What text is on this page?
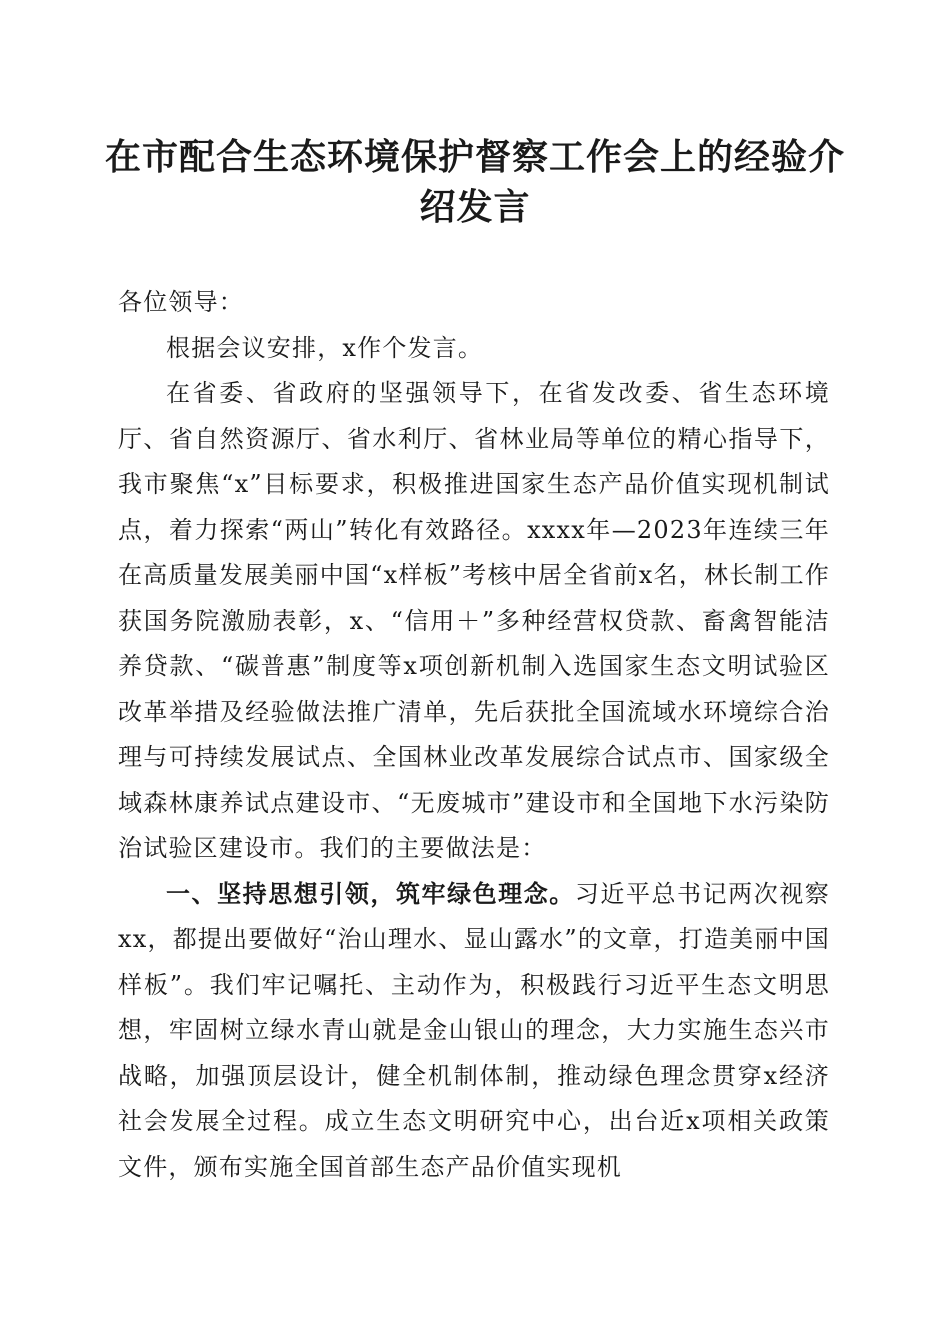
在市配合生态环境保护督察工作会上的经验介绍发言

各位领导：

根据会议安排，x作个发言。

在省委、省政府的坚强领导下，在省发改委、省生态环境厅、省自然资源厅、省水利厅、省林业局等单位的精心指导下，我市聚焦“x”目标要求，积极推进国家生态产品价值实现机制试点，着力探索“两山”转化有效路径。xxxx年—2023年连续三年在高质量发展美丽中国“x样板”考核中居全省前x名，林长制工作获国务院激励表彰，x、“信用＋”多种经营权贷款、畜禽智能洁养贷款、“碳普惠”制度等x项创新机制入选国家生态文明试验区改革举措及经验做法推广清单，先后获批全国流域水环境综合治理与可持续发展试点、全国林业改革发展综合试点市、国家级全域森林康养试点建设市、“无废城市”建设市和全国地下水污染防治试验区建设市。我们的主要做法是：

一、坚持思想引领，筑牢绿色理念。习近平总书记两次视察xx，都提出要做好“治山理水、显山露水”的文章，打造美丽中国样板”。我们牢记嘱托、主动作为，积极践行习近平生态文明思想，牢固树立绿水青山就是金山银山的理念，大力实施生态兴市战略，加强顶层设计，健全机制体制，推动绿色理念贯穿x经济社会发展全过程。成立生态文明研究中心，出台近x项相关政策文件，颁布实施全国首部生态产品价值实现机
